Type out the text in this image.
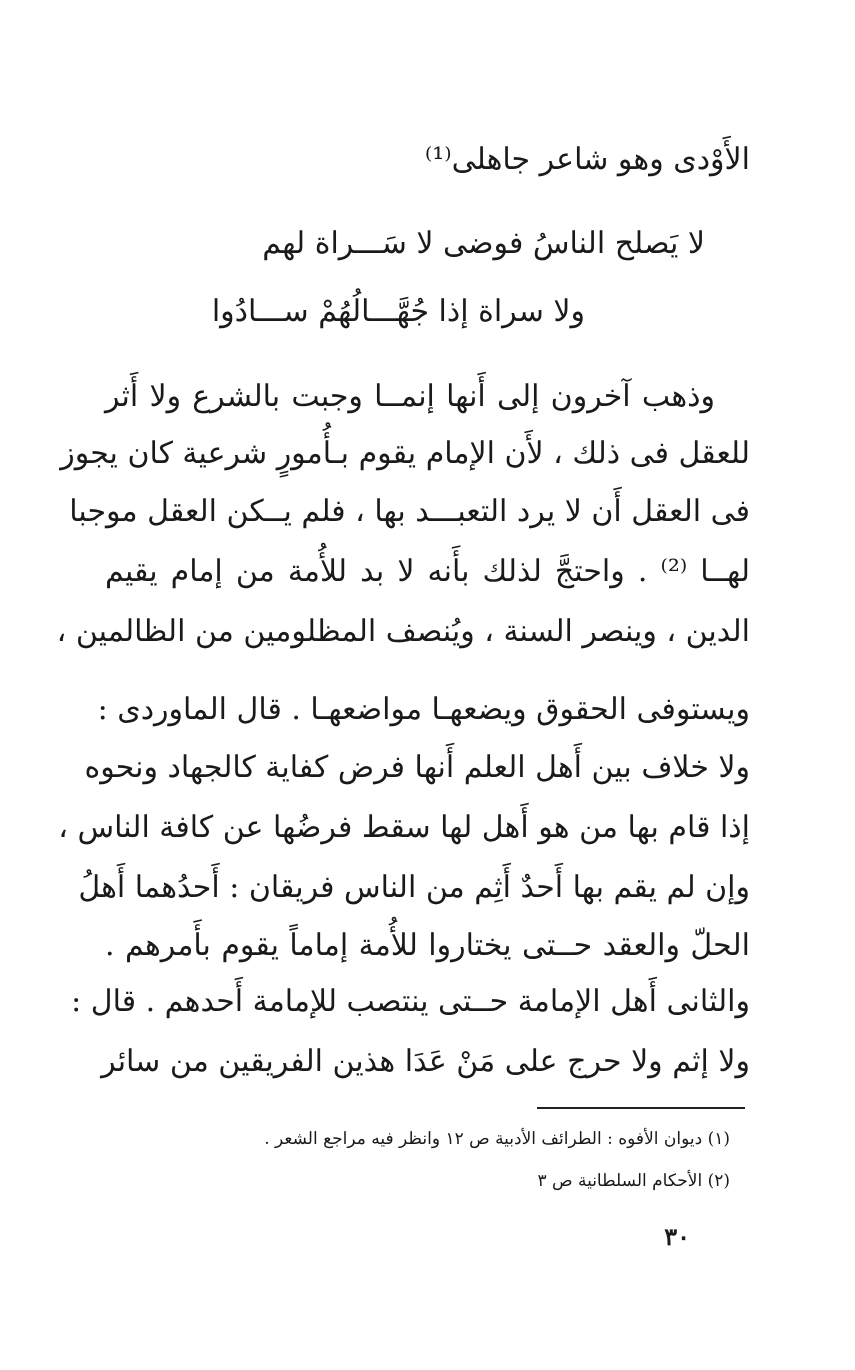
الأَوْدى وهو شاعر جاهلى⁽¹⁾
لا يَصلح الناسُ فوضى لا سَـــراة لهم
ولا سراة إذا جُهَّـــالُهُمْ ســـادُوا
وذهب آخرون إلى أَنها إنمــا وجبت بالشرع ولا أَثر
للعقل فى ذلك ، لأَن الإمام يقوم بـأُمورٍ شرعية كان يجوز
فى العقل أَن لا يرد التعبـــد بها ، فلم يــكن العقل موجبا
لهــا ⁽²⁾ . واحتجَّ لذلك بأَنه لا بد للأُمة من إمام يقيم
الدين ، وينصر السنة ، ويُنصف المظلومين من الظالمين ،
ويستوفى الحقوق ويضعهـا مواضعهـا . قال الماوردى :
ولا خلاف بين أَهل العلم أَنها فرض كفاية كالجهاد ونحوه
إذا قام بها من هو أَهل لها سقط فرضُها عن كافة الناس ،
وإن لم يقم بها أَحدٌ أَثِم من الناس فريقان : أَحدُهما أَهلُ
الحلّ والعقد حــتى يختاروا للأُمة إماماً يقوم بأَمرهم .
والثانى أَهل الإمامة حــتى ينتصب للإمامة أَحدهم . قال :
ولا إثم ولا حرج على مَنْ عَدَا هذين الفريقين من سائر
(١) ديوان الأفوه : الطرائف الأدبية ص ١٢ وانظر فيه مراجع الشعر .
(٢) الأحكام السلطانية ص ٣
٣٠
